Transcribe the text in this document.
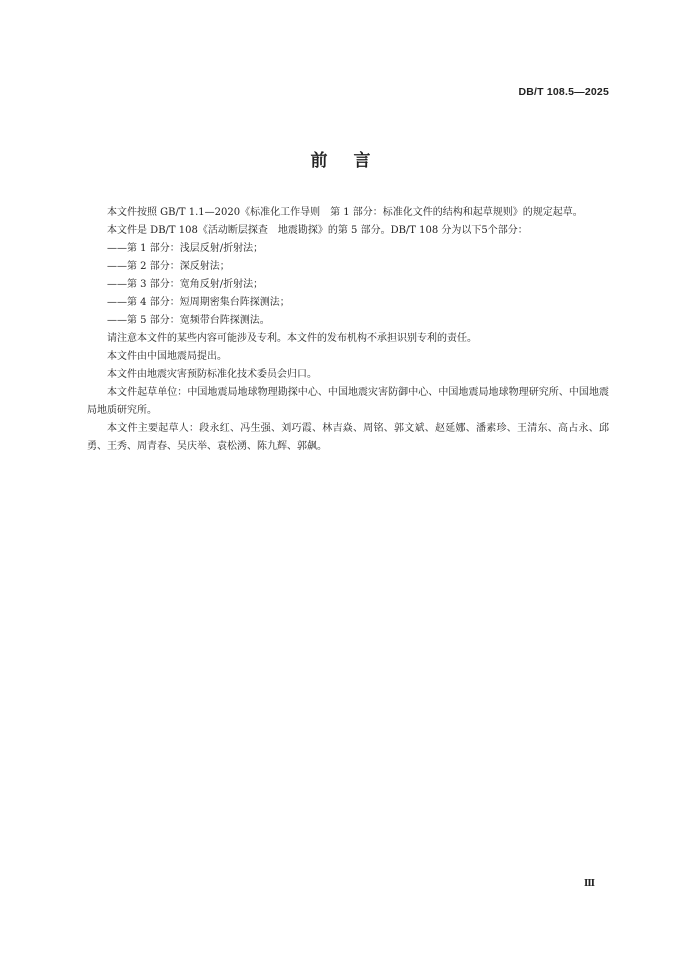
DB/T 108.5—2025
前言

本文件按照 GB/T 1.1—2020《标准化工作导则　第 1 部分：标准化文件的结构和起草规则》的规定起草。

本文件是 DB/T 108《活动断层探查　地震勘探》的第 5 部分。DB/T 108 分为以下5个部分：

——第 1 部分：浅层反射/折射法；

——第 2 部分：深反射法；

——第 3 部分：宽角反射/折射法；

——第 4 部分：短周期密集台阵探测法；

——第 5 部分：宽频带台阵探测法。

请注意本文件的某些内容可能涉及专利。本文件的发布机构不承担识别专利的责任。

本文件由中国地震局提出。

本文件由地震灾害预防标准化技术委员会归口。

本文件起草单位：中国地震局地球物理勘探中心、中国地震灾害防御中心、中国地震局地球物理研究所、中国地震局地质研究所。

本文件主要起草人：段永红、冯生强、刘巧霞、林吉焱、周铭、郭文斌、赵延娜、潘素珍、王清东、高占永、邱勇、王秀、周青春、吴庆举、袁松湧、陈九辉、郭飙。

Ⅲ
